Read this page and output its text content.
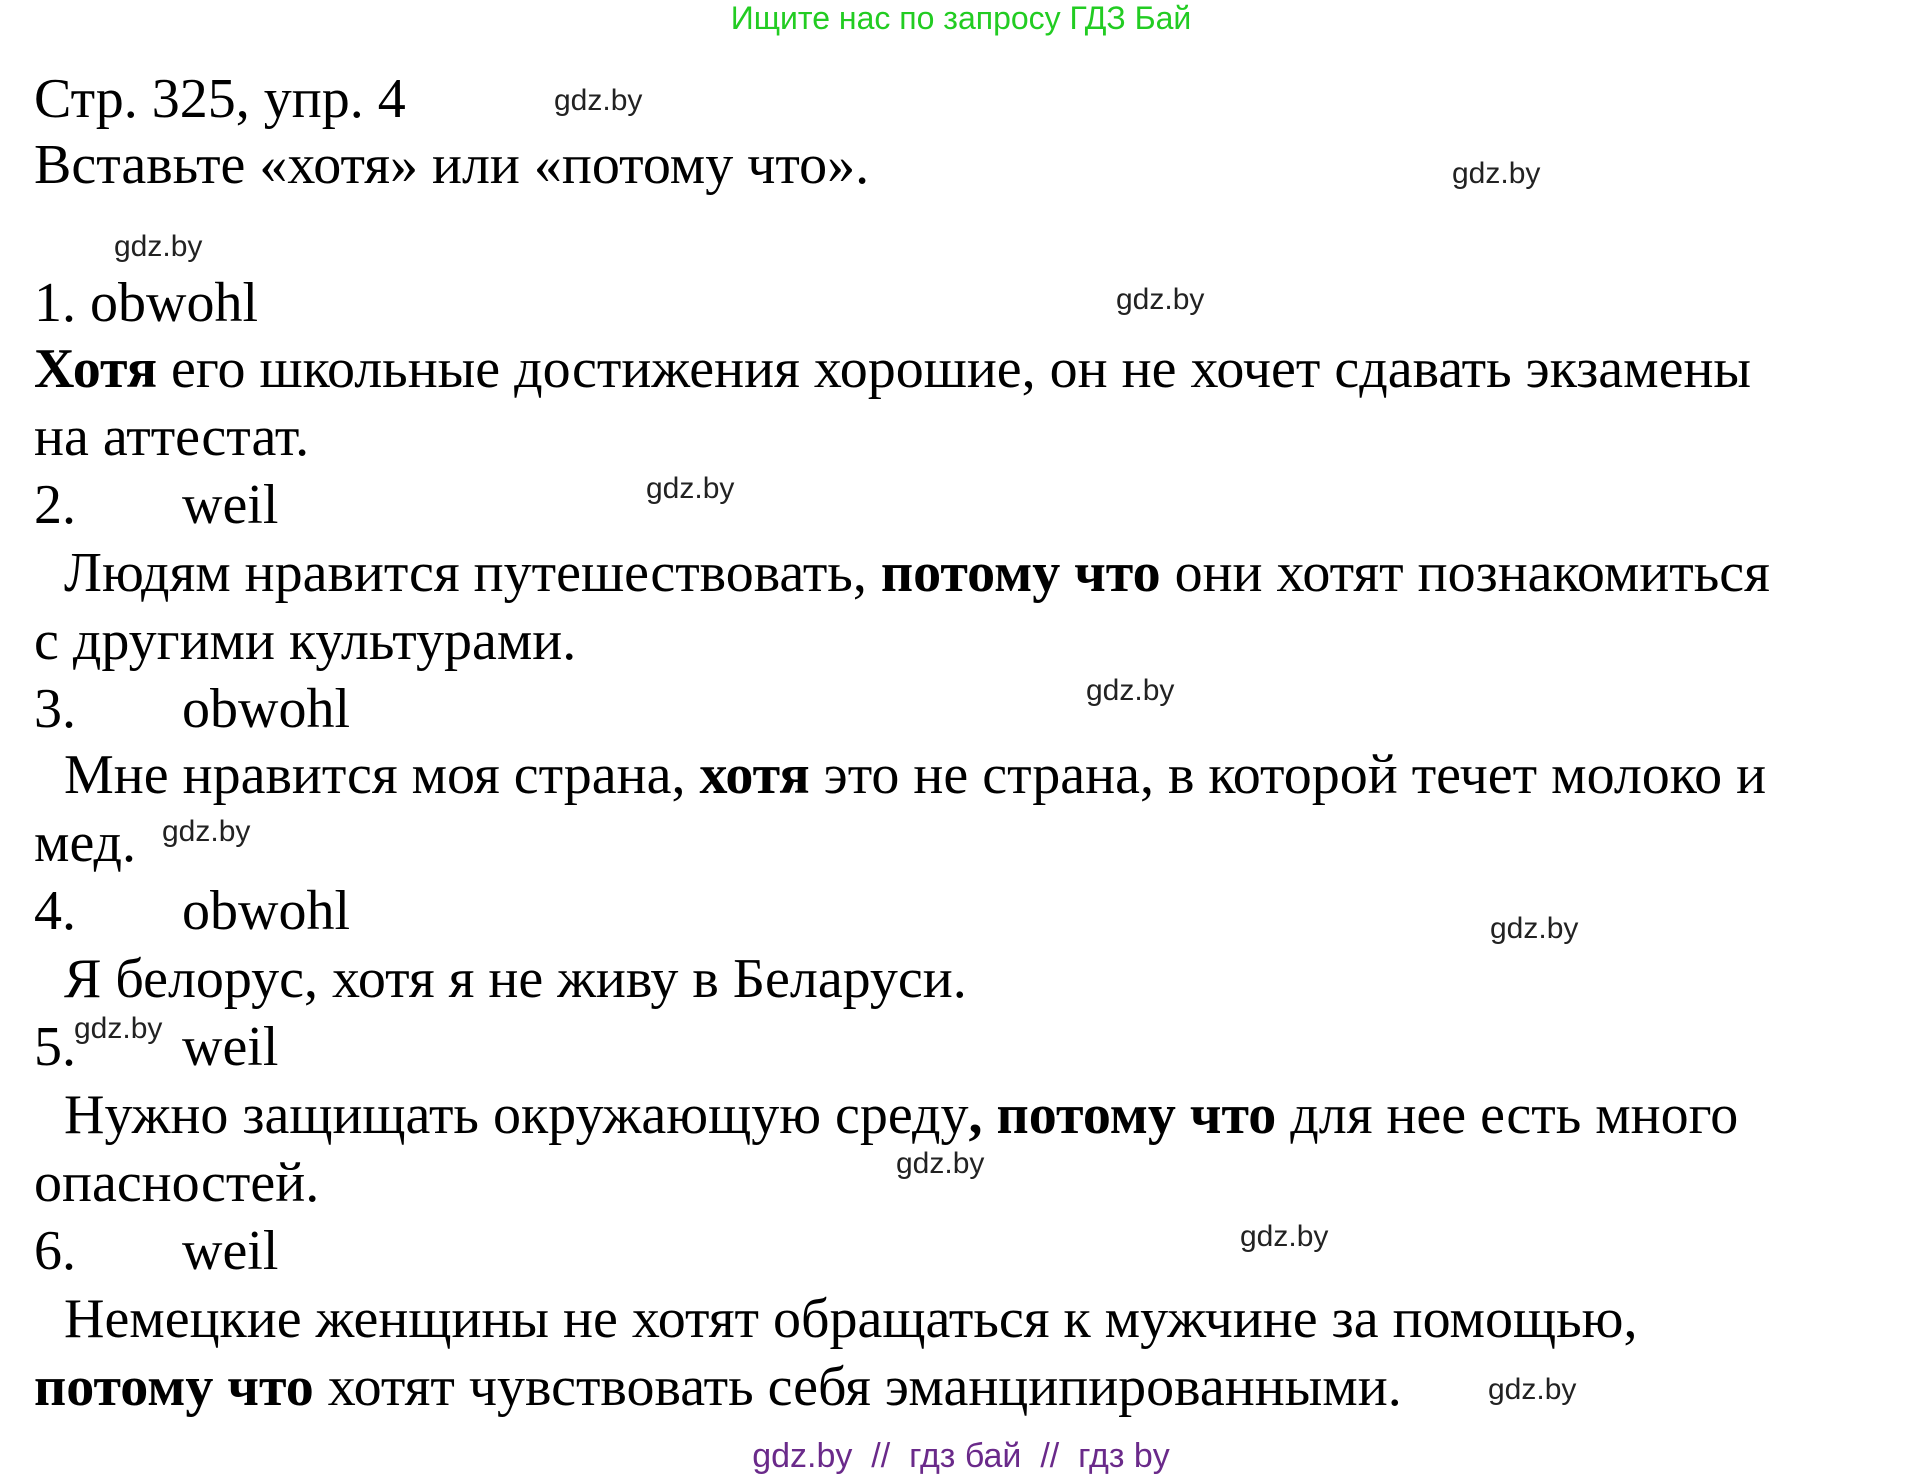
Ищите нас по запросу ГДЗ Бай
Стр. 325, упр. 4
Вставьте «хотя» или «потому что».
1. obwohl
Хотя его школьные достижения хорошие, он не хочет сдавать экзамены
на аттестат.
2. weil
Людям нравится путешествовать, потому что они хотят познакомиться
с другими культурами.
3. obwohl
Мне нравится моя страна, хотя это не страна, в которой течет молоко и
мед.
4. obwohl
Я белорус, хотя я не живу в Беларуси.
5. weil
Нужно защищать окружающую среду, потому что для нее есть много
опасностей.
6. weil
Немецкие женщины не хотят обращаться к мужчине за помощью,
потому что хотят чувствовать себя эманципированными.
gdz.by
gdz.by
gdz.by
gdz.by
gdz.by
gdz.by
gdz.by
gdz.by
gdz.by
gdz.by
gdz.by
gdz.by
gdz.by  //  гдз бай  //  гдз by
